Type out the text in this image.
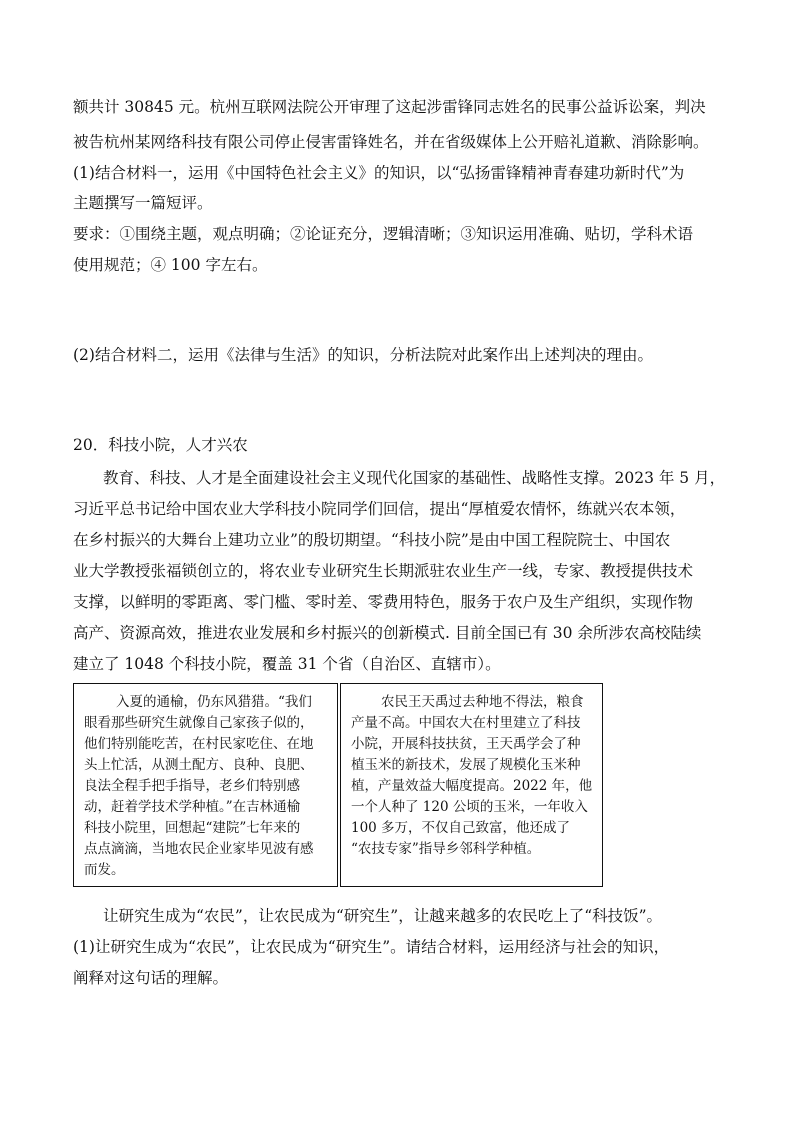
额共计 30845 元。杭州互联网法院公开审理了这起涉雷锋同志姓名的民事公益诉讼案，判决
被告杭州某网络科技有限公司停止侵害雷锋姓名，并在省级媒体上公开赔礼道歉、消除影响。
(1)结合材料一，运用《中国特色社会主义》的知识，以“弘扬雷锋精神青春建功新时代”为
主题撰写一篇短评。
要求：①围绕主题，观点明确；②论证充分，逻辑清晰；③知识运用准确、贴切，学科术语
使用规范；④ 100 字左右。
(2)结合材料二，运用《法律与生活》的知识，分析法院对此案作出上述判决的理由。
20．科技小院，人才兴农
教育、科技、人才是全面建设社会主义现代化国家的基础性、战略性支撑。2023 年 5 月，
习近平总书记给中国农业大学科技小院同学们回信，提出“厚植爱农情怀，练就兴农本领，
在乡村振兴的大舞台上建功立业”的殷切期望。“科技小院”是由中国工程院院士、中国农
业大学教授张福锁创立的，将农业专业研究生长期派驻农业生产一线，专家、教授提供技术
支撑，以鲜明的零距离、零门槛、零时差、零费用特色，服务于农户及生产组织，实现作物
高产、资源高效，推进农业发展和乡村振兴的创新模式. 目前全国已有 30 余所涉农高校陆续
建立了 1048 个科技小院，覆盖 31 个省（自治区、直辖市）。
入夏的通榆，仍东风猎猎。“我们
眼看那些研究生就像自己家孩子似的，
他们特别能吃苦，在村民家吃住、在地
头上忙活，从测土配方、良种、良肥、
良法全程手把手指导，老乡们特别感
动，赶着学技术学种植。”在吉林通榆
科技小院里，回想起“建院”七年来的
点点滴滴，当地农民企业家毕见波有感
而发。
农民王天禹过去种地不得法，粮食
产量不高。中国农大在村里建立了科技
小院，开展科技扶贫，王天禹学会了种
植玉米的新技术，发展了规模化玉米种
植，产量效益大幅度提高。2022 年，他
一个人种了 120 公顷的玉米，一年收入
100 多万，不仅自己致富，他还成了
“农技专家”指导乡邻科学种植。
让研究生成为“农民”，让农民成为“研究生”，让越来越多的农民吃上了“科技饭”。
(1)让研究生成为“农民”，让农民成为“研究生”。请结合材料，运用经济与社会的知识，
阐释对这句话的理解。
